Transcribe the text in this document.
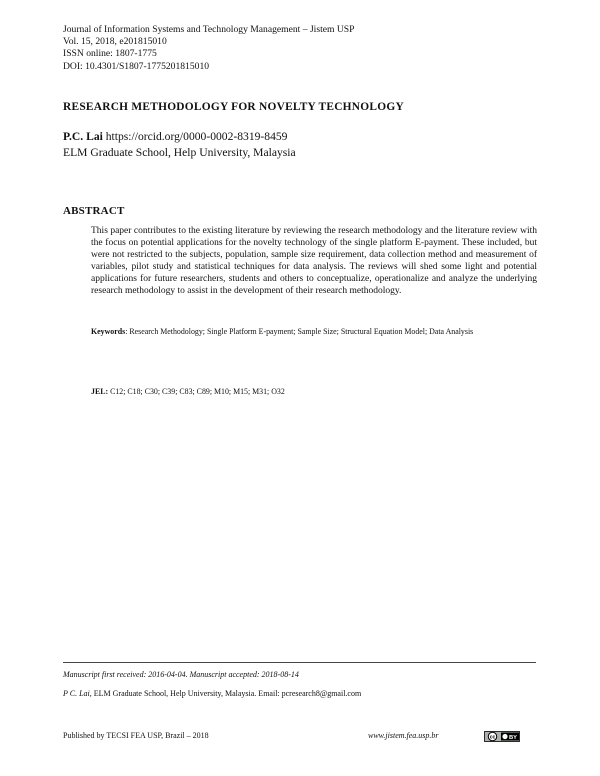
Journal of Information Systems and Technology Management – Jistem USP
Vol. 15, 2018, e201815010
ISSN online: 1807-1775
DOI: 10.4301/S1807-1775201815010
RESEARCH METHODOLOGY FOR NOVELTY TECHNOLOGY
P.C. Lai https://orcid.org/0000-0002-8319-8459
ELM Graduate School, Help University, Malaysia
ABSTRACT
This paper contributes to the existing literature by reviewing the research methodology and the literature review with the focus on potential applications for the novelty technology of the single platform E-payment. These included, but were not restricted to the subjects, population, sample size requirement, data collection method and measurement of variables, pilot study and statistical techniques for data analysis. The reviews will shed some light and potential applications for future researchers, students and others to conceptualize, operationalize and analyze the underlying research methodology to assist in the development of their research methodology.
Keywords: Research Methodology; Single Platform E-payment; Sample Size; Structural Equation Model; Data Analysis
JEL: C12; C18; C30; C39; C83; C89; M10; M15; M31; O32
Manuscript first received: 2016-04-04. Manuscript accepted: 2018-08-14
P C. Lai, ELM Graduate School, Help University, Malaysia. Email: pcresearch8@gmail.com
Published by TECSI FEA USP, Brazil – 2018	www.jistem.fea.usp.br	cc BY
